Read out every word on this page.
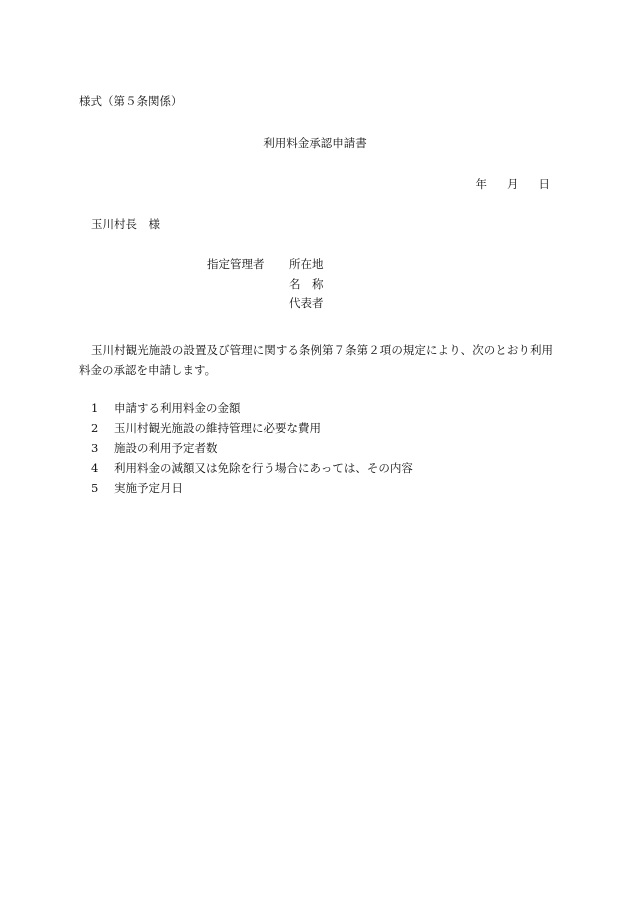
様式（第５条関係）
利用料金承認申請書
年 月 日
玉川村長　様
指定管理者 所在地
名　称
代表者
玉川村観光施設の設置及び管理に関する条例第７条第２項の規定により、次のとおり利用料金の承認を申請します。
1 申請する利用料金の金額
2 玉川村観光施設の維持管理に必要な費用
3 施設の利用予定者数
4 利用料金の減額又は免除を行う場合にあっては、その内容
5 実施予定月日
